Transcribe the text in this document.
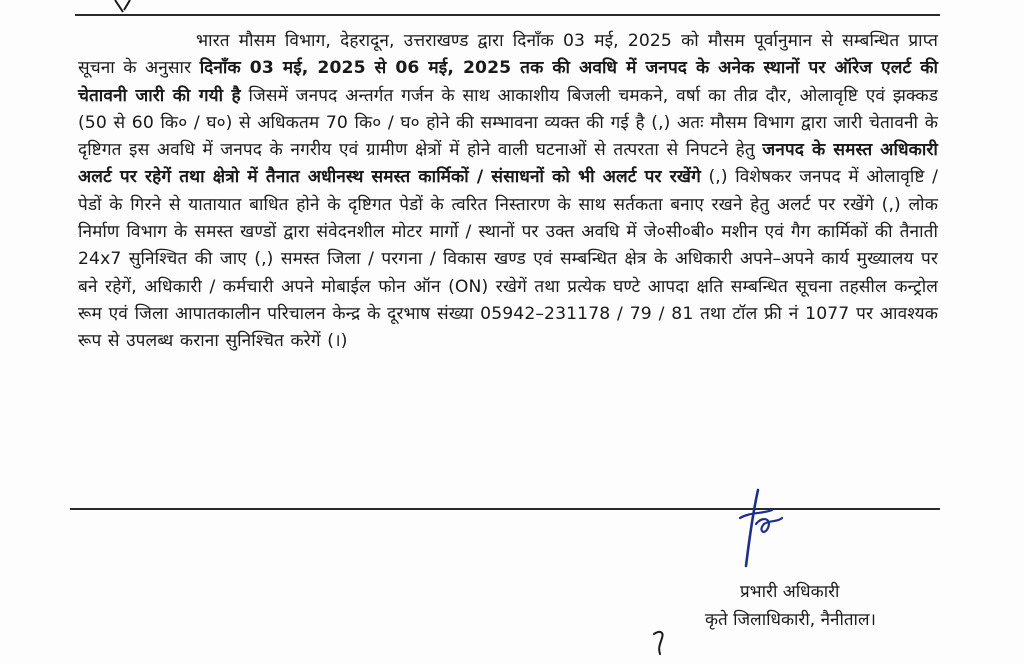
भारत मौसम विभाग, देहरादून, उत्तराखण्ड द्वारा दिनाँक 03 मई, 2025 को मौसम पूर्वानुमान से सम्बन्धित प्राप्त सूचना के अनुसार दिनाँक 03 मई, 2025 से 06 मई, 2025 तक की अवधि में जनपद के अनेक स्थानों पर ऑरेज एलर्ट की चेतावनी जारी की गयी है जिसमें जनपद अन्तर्गत गर्जन के साथ आकाशीय बिजली चमकने, वर्षा का तीव्र दौर, ओलावृष्टि एवं झक्कड (50 से 60 कि० / घ०) से अधिकतम 70 कि० / घ० होने की सम्भावना व्यक्त की गई है (,) अतः मौसम विभाग द्वारा जारी चेतावनी के दृष्टिगत इस अवधि में जनपद के नगरीय एवं ग्रामीण क्षेत्रों में होने वाली घटनाओं से तत्परता से निपटने हेतु जनपद के समस्त अधिकारी अलर्ट पर रहेगें तथा क्षेत्रो में तैनात अधीनस्थ समस्त कार्मिकों / संसाधनों को भी अलर्ट पर रखेंगे (,) विशेषकर जनपद में ओलावृष्टि / पेडों के गिरने से यातायात बाधित होने के दृष्टिगत पेडों के त्वरित निस्तारण के साथ सर्तकता बनाए रखने हेतु अलर्ट पर रखेंगे (,) लोक निर्माण विभाग के समस्त खण्डों द्वारा संवेदनशील मोटर मार्गो / स्थानों पर उक्त अवधि में जे०सी०बी० मशीन एवं गैग कार्मिकों की तैनाती 24x7 सुनिश्चित की जाए (,) समस्त जिला / परगना / विकास खण्ड एवं सम्बन्धित क्षेत्र के अधिकारी अपने–अपने कार्य मुख्यालय पर बने रहेगें, अधिकारी / कर्मचारी अपने मोबाईल फोन ऑन (ON) रखेगें तथा प्रत्येक घण्टे आपदा क्षति सम्बन्धित सूचना तहसील कन्ट्रोल रूम एवं जिला आपातकालीन परिचालन केन्द्र के दूरभाष संख्या 05942–231178 / 79 / 81 तथा टॉल फ्री नं 1077 पर आवश्यक रूप से उपलब्ध कराना सुनिश्चित करेगें (।)
प्रभारी अधिकारी
कृते जिलाधिकारी, नैनीताल।
